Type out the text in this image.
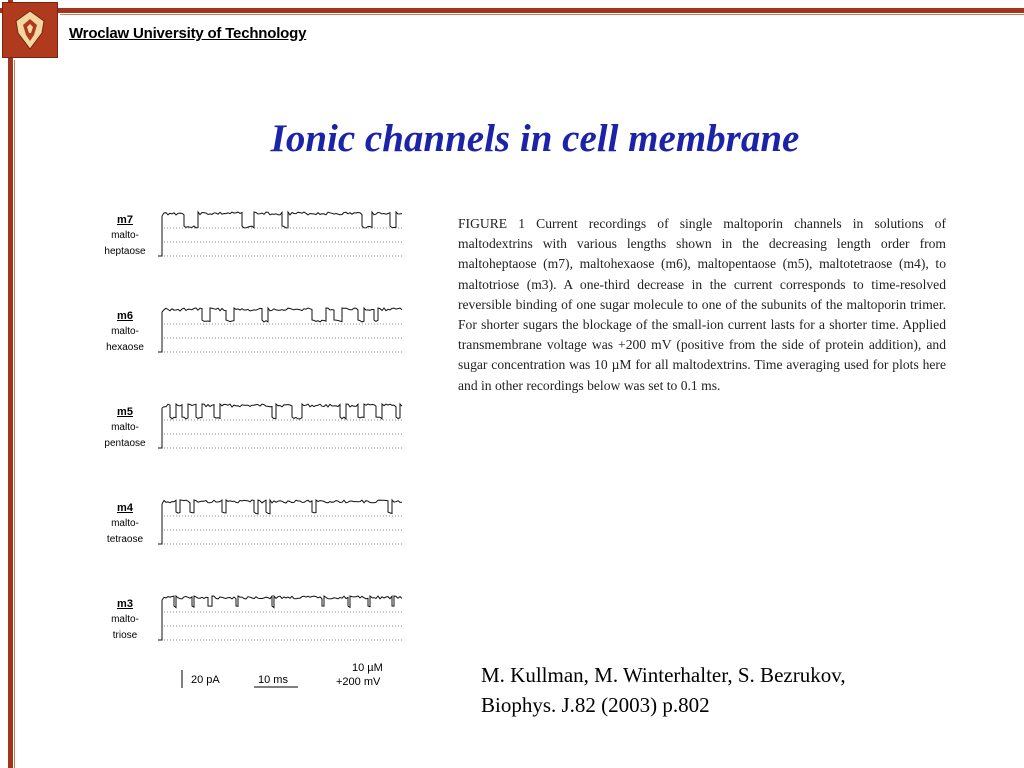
Wroclaw University of Technology
Ionic channels in cell membrane
m7
malto-
heptaose
m6
malto-
hexaose
m5
malto-
pentaose
m4
malto-
tetraose
m3
malto-
triose
20 pA	10 ms
10 µM
+200 mV
FIGURE 1 Current recordings of single maltoporin channels in solutions of maltodextrins with various lengths shown in the decreasing length order from maltoheptaose (m7), maltohexaose (m6), maltopentaose (m5), maltotetraose (m4), to maltotriose (m3). A one-third decrease in the current corresponds to time-resolved reversible binding of one sugar molecule to one of the subunits of the maltoporin trimer. For shorter sugars the blockage of the small-ion current lasts for a shorter time. Applied transmembrane voltage was +200 mV (positive from the side of protein addition), and sugar concentration was 10 µM for all maltodextrins. Time averaging used for plots here and in other recordings below was set to 0.1 ms.
M. Kullman, M. Winterhalter, S. Bezrukov,
Biophys. J.82 (2003) p.802
